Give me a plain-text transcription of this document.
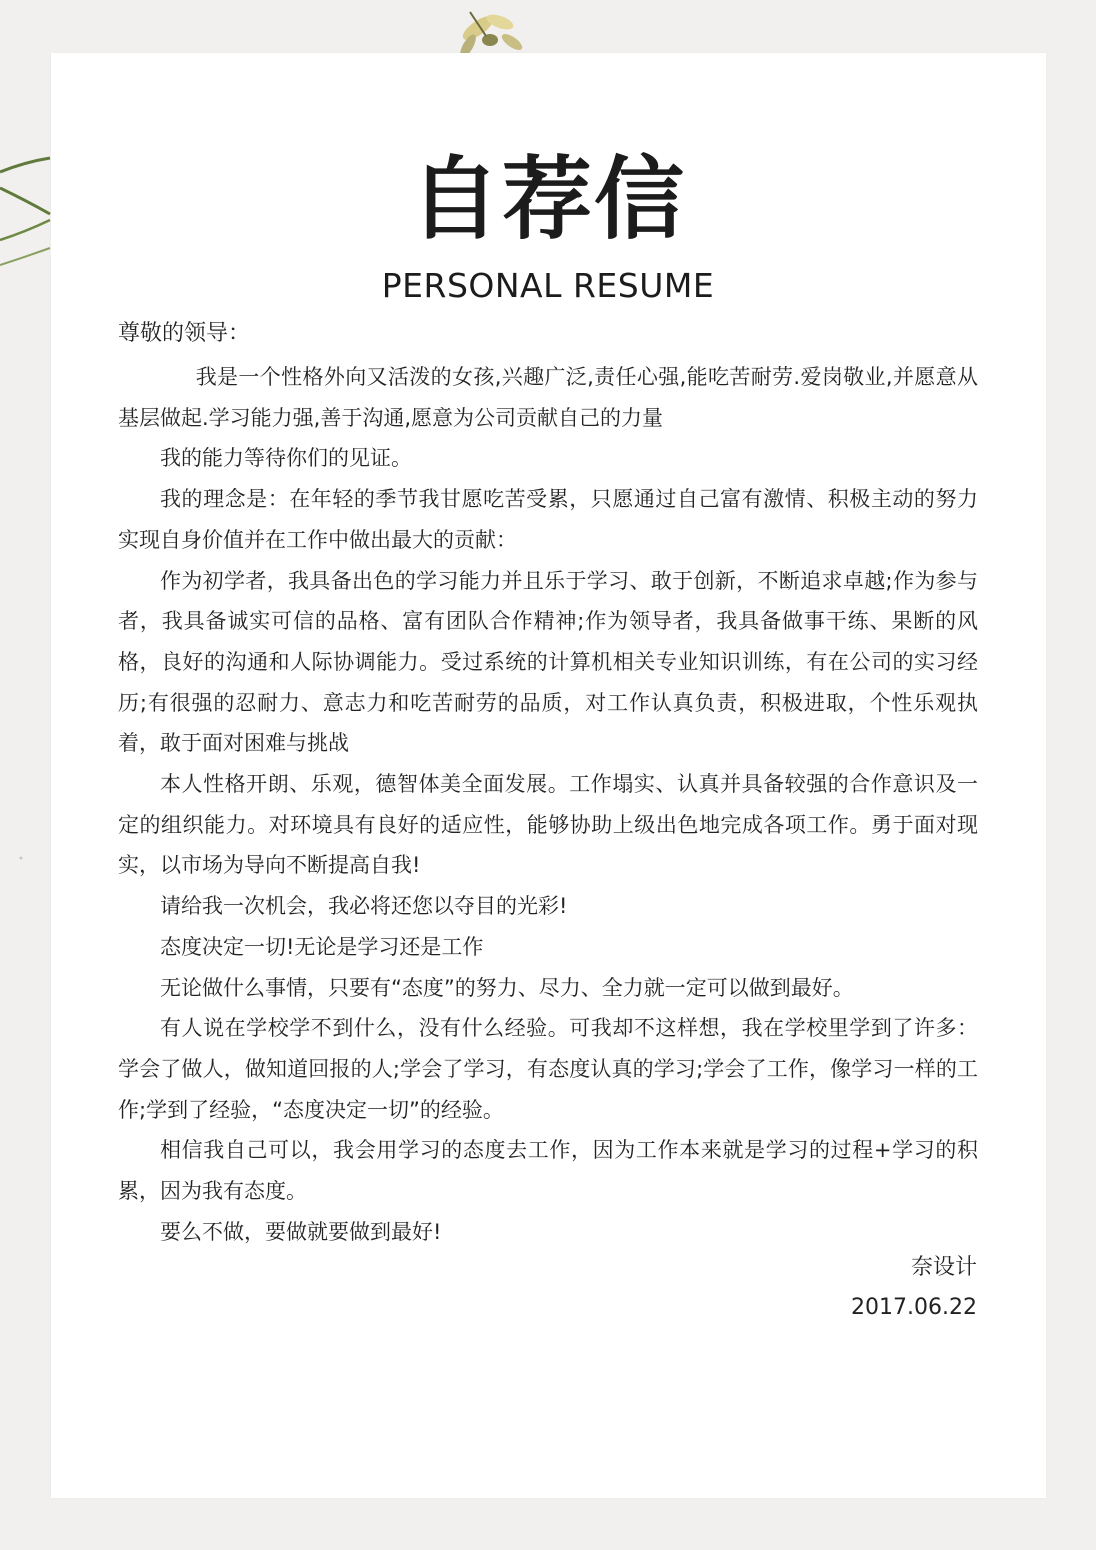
自荐信
PERSONAL RESUME
尊敬的领导：

我是一个性格外向又活泼的女孩,兴趣广泛,责任心强,能吃苦耐劳.爱岗敬业,并愿意从基层做起.学习能力强,善于沟通,愿意为公司贡献自己的力量

我的能力等待你们的见证。

我的理念是：在年轻的季节我甘愿吃苦受累，只愿通过自己富有激情、积极主动的努力实现自身价值并在工作中做出最大的贡献：

作为初学者，我具备出色的学习能力并且乐于学习、敢于创新，不断追求卓越;作为参与者，我具备诚实可信的品格、富有团队合作精神;作为领导者，我具备做事干练、果断的风格，良好的沟通和人际协调能力。受过系统的计算机相关专业知识训练，有在公司的实习经历;有很强的忍耐力、意志力和吃苦耐劳的品质，对工作认真负责，积极进取，个性乐观执着，敢于面对困难与挑战

本人性格开朗、乐观，德智体美全面发展。工作塌实、认真并具备较强的合作意识及一定的组织能力。对环境具有良好的适应性，能够协助上级出色地完成各项工作。勇于面对现实，以市场为导向不断提高自我!

请给我一次机会，我必将还您以夺目的光彩!

态度决定一切!无论是学习还是工作

无论做什么事情，只要有“态度”的努力、尽力、全力就一定可以做到最好。

有人说在学校学不到什么，没有什么经验。可我却不这样想，我在学校里学到了许多：学会了做人，做知道回报的人;学会了学习，有态度认真的学习;学会了工作，像学习一样的工作;学到了经验，“态度决定一切”的经验。

相信我自己可以，我会用学习的态度去工作，因为工作本来就是学习的过程+学习的积累，因为我有态度。

要么不做，要做就要做到最好!

奈设计
2017.06.22
